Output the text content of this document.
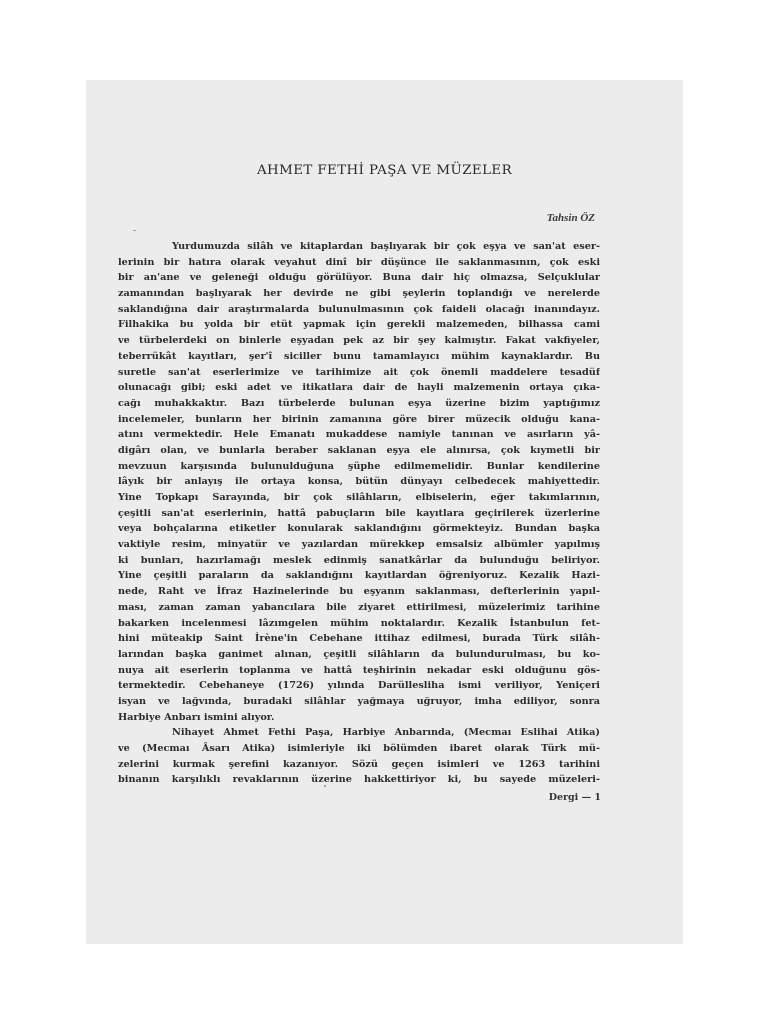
AHMET FETHİ PAŞA VE MÜZELER
Tahsin ÖZ
Yurdumuzda silâh ve kitaplardan başlıyarak bir çok eşya ve san'at eser-
lerinin bir hatıra olarak veyahut dinî bir düşünce ile saklanmasının, çok eski
bir an'ane ve geleneği olduğu görülüyor. Buna dair hiç olmazsa, Selçuklular
zamanından başlıyarak her devirde ne gibi şeylerin toplandığı ve nerelerde
saklandığına dair araştırmalarda bulunulmasının çok faideli olacağı inanındayız.
Filhakika bu yolda bir etüt yapmak için gerekli malzemeden, bilhassa cami
ve türbelerdeki on binlerle eşyadan pek az bir şey kalmıştır. Fakat vakfiyeler,
teberrükât kayıtları, şer'î siciller bunu tamamlayıcı mühim kaynaklardır. Bu
suretle san'at eserlerimize ve tarihimize ait çok önemli maddelere tesadüf
olunacağı gibi; eski adet ve itikatlara dair de hayli malzemenin ortaya çıka-
cağı muhakkaktır. Bazı türbelerde bulunan eşya üzerine bizim yaptığımız
incelemeler, bunların her birinin zamanına göre birer müzecik olduğu kana-
atını vermektedir. Hele Emanatı mukaddese namiyle tanınan ve asırların yâ-
digârı olan, ve bunlarla beraber saklanan eşya ele alınırsa, çok kıymetli bir
mevzuun karşısında bulunulduğuna şüphe edilmemelidir. Bunlar kendilerine
lâyık bir anlayış ile ortaya konsa, bütün dünyayı celbedecek mahiyettedir.
Yine Topkapı Sarayında, bir çok silâhların, elbiselerin, eğer takımlarının,
çeşitli san'at eserlerinin, hattâ pabuçların bile kayıtlara geçirilerek üzerlerine
veya bohçalarına etiketler konularak saklandığını görmekteyiz. Bundan başka
vaktiyle resim, minyatür ve yazılardan mürekkep emsalsiz albümler yapılmış
ki bunları, hazırlamağı meslek edinmiş sanatkârlar da bulunduğu beliriyor.
Yine çeşitli paraların da saklandığını kayıtlardan öğreniyoruz. Kezalik Hazi-
nede, Raht ve İfraz Hazinelerinde bu eşyanın saklanması, defterlerinin yapıl-
ması, zaman zaman yabancılara bile ziyaret ettirilmesi, müzelerimiz tarihine
bakarken incelenmesi lâzımgelen mühim noktalardır. Kezalik İstanbulun fet-
hini müteakip Saint İrène'in Cebehane ittihaz edilmesi, burada Türk silâh-
larından başka ganimet alınan, çeşitli silâhların da bulundurulması, bu ko-
nuya ait eserlerin toplanma ve hattâ teşhirinin nekadar eski olduğunu gös-
termektedir. Cebehaneye (1726) yılında Darüllesliha ismi veriliyor, Yeniçeri
isyan ve lağvında, buradaki silâhlar yağmaya uğruyor, imha ediliyor, sonra
Harbiye Anbarı ismini alıyor.
Nihayet Ahmet Fethi Paşa, Harbiye Anbarında, (Mecmaı Eslihai Atika)
ve (Mecmaı Âsarı Atika) isimleriyle iki bölümden ibaret olarak Türk mü-
zelerini kurmak şerefini kazanıyor. Sözü geçen isimleri ve 1263 tarihini
binanın karşılıklı revaklarının üzerine hakkettiriyor ki, bu sayede müzeleri-
Dergi — 1
